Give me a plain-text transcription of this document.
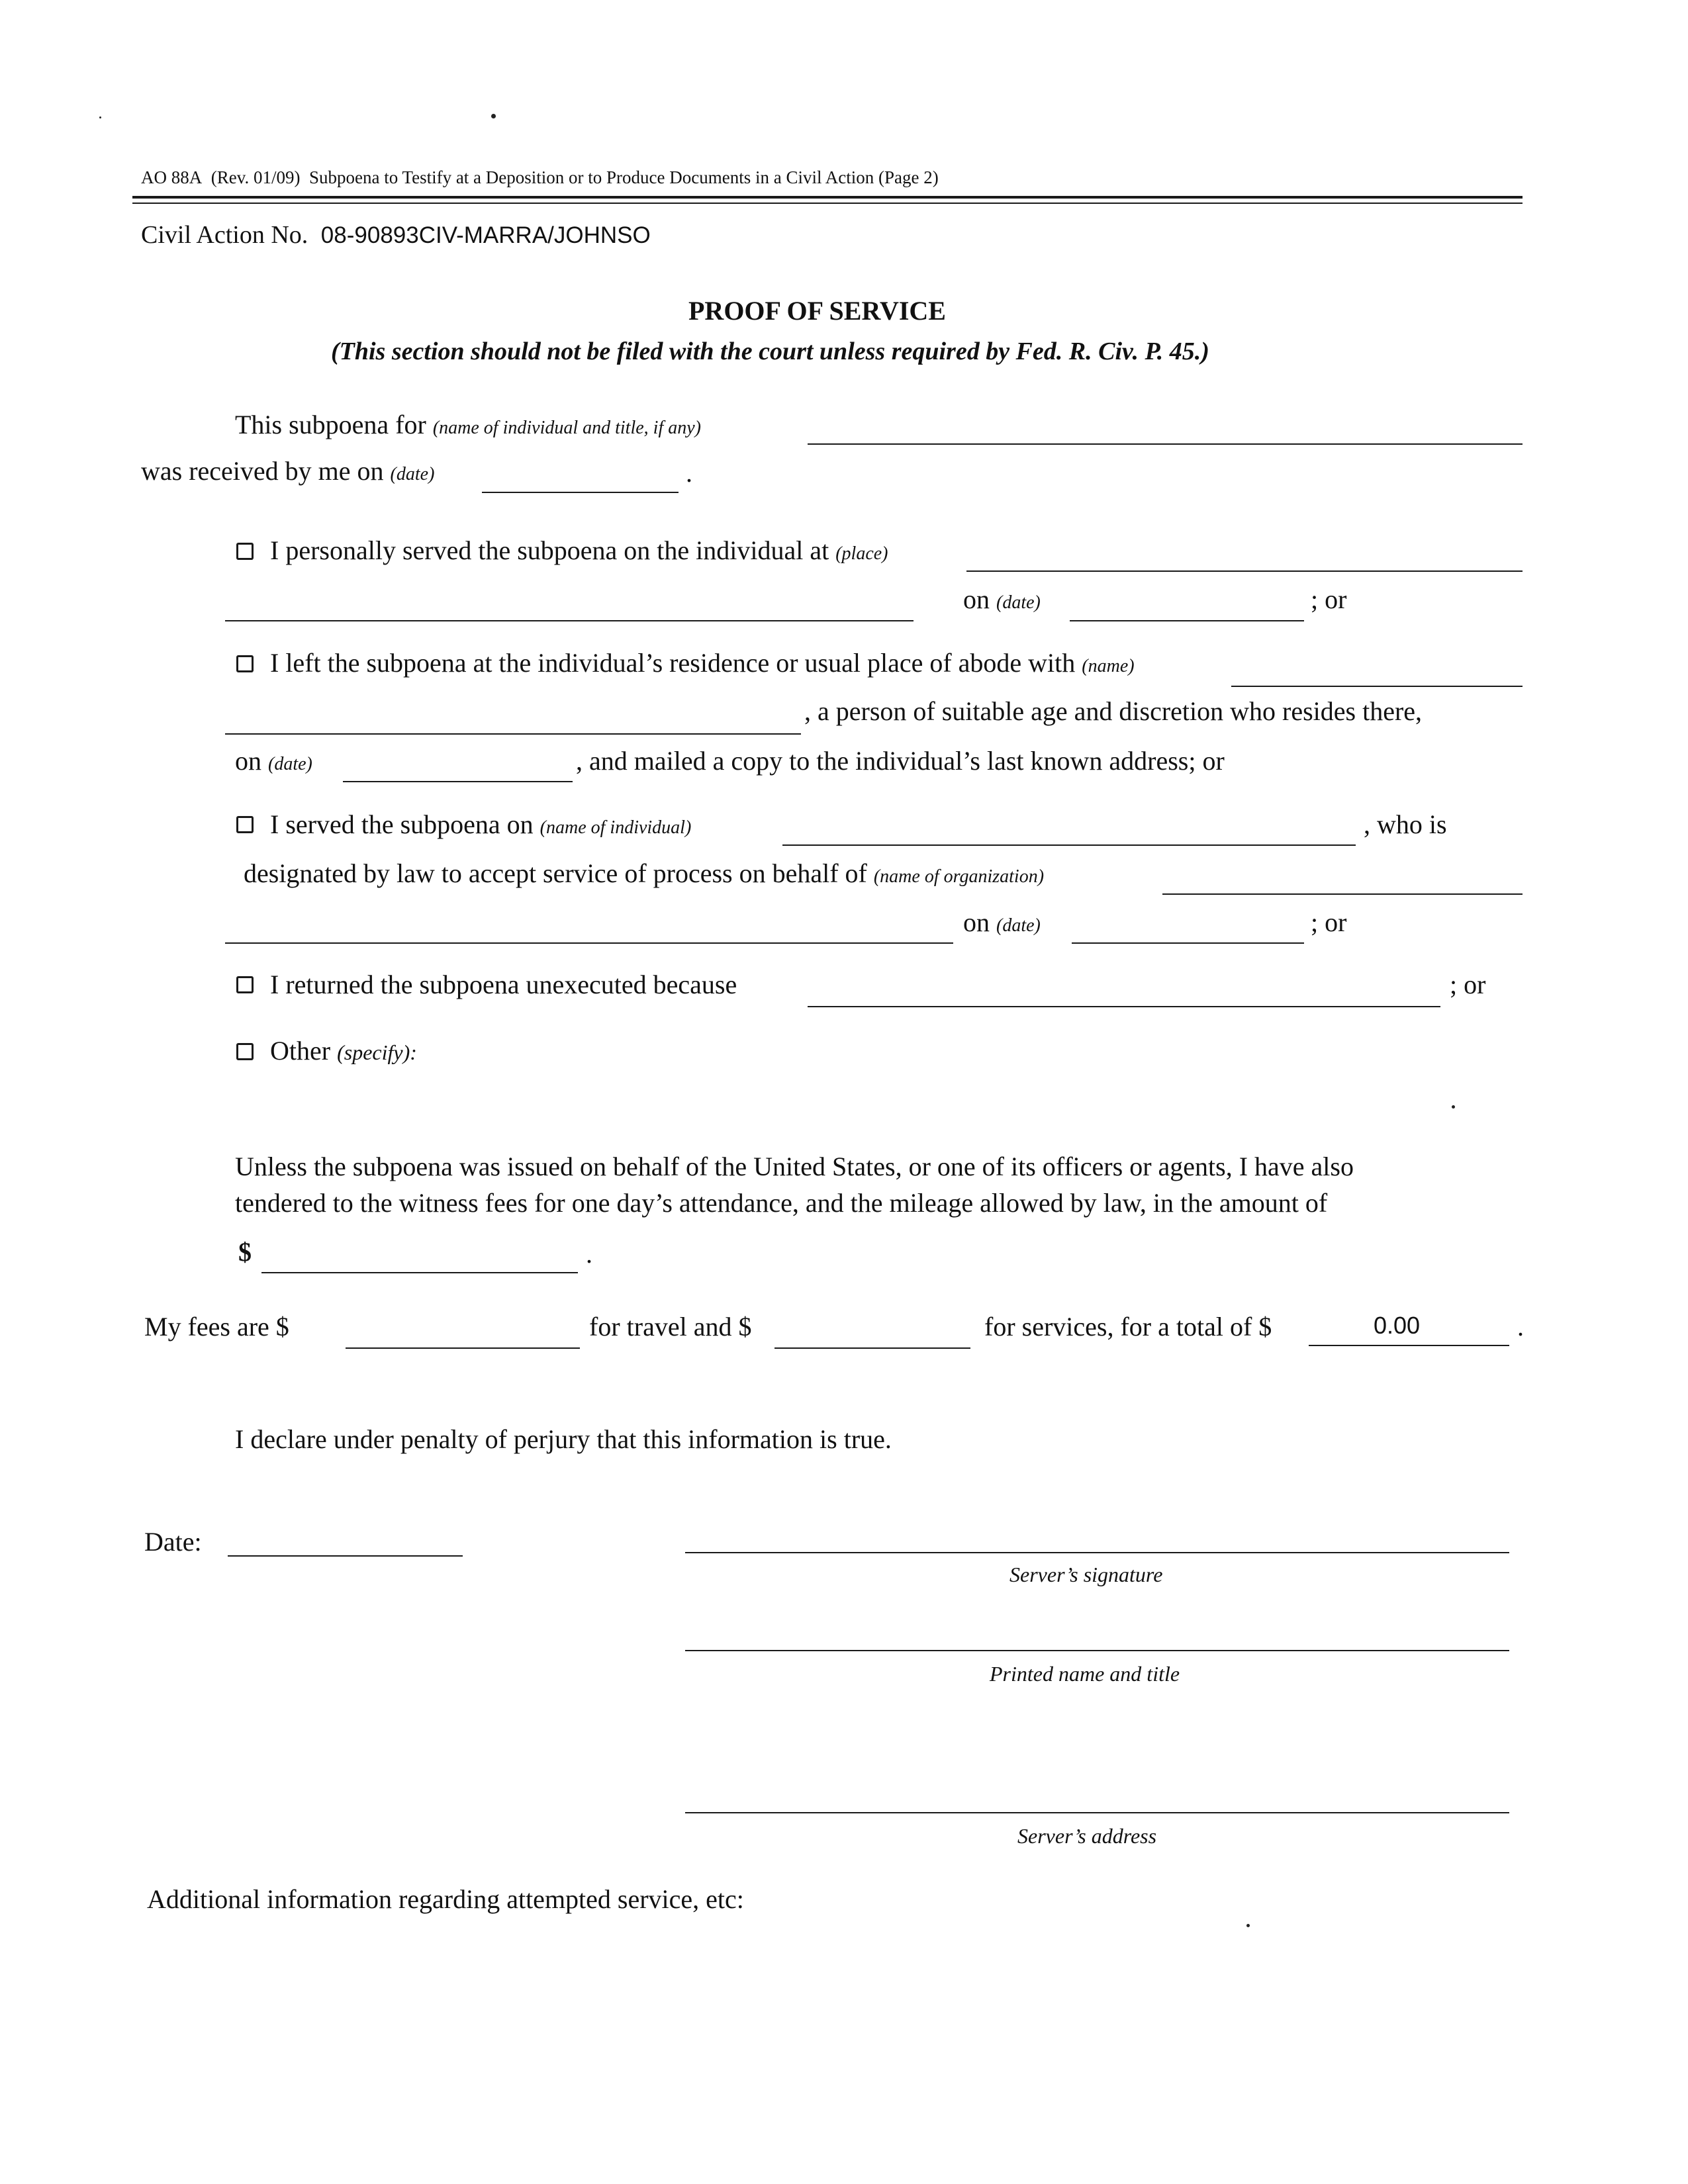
AO 88A (Rev. 01/09) Subpoena to Testify at a Deposition or to Produce Documents in a Civil Action (Page 2)
Civil Action No. 08-90893CIV-MARRA/JOHNSO
PROOF OF SERVICE
(This section should not be filed with the court unless required by Fed. R. Civ. P. 45.)
This subpoena for (name of individual and title, if any)
was received by me on (date)	.
I personally served the subpoena on the individual at (place)
on (date)	; or
I left the subpoena at the individual’s residence or usual place of abode with (name)
, a person of suitable age and discretion who resides there,
on (date)	, and mailed a copy to the individual’s last known address; or
I served the subpoena on (name of individual)	, who is
designated by law to accept service of process on behalf of (name of organization)
on (date)	; or
I returned the subpoena unexecuted because	; or
Other (specify):
Unless the subpoena was issued on behalf of the United States, or one of its officers or agents, I have also
tendered to the witness fees for one day’s attendance, and the mileage allowed by law, in the amount of
$	.
My fees are $	for travel and $	for services, for a total of $	0.00	.
I declare under penalty of perjury that this information is true.
Date:
Server’s signature
Printed name and title
Server’s address
Additional information regarding attempted service, etc:
